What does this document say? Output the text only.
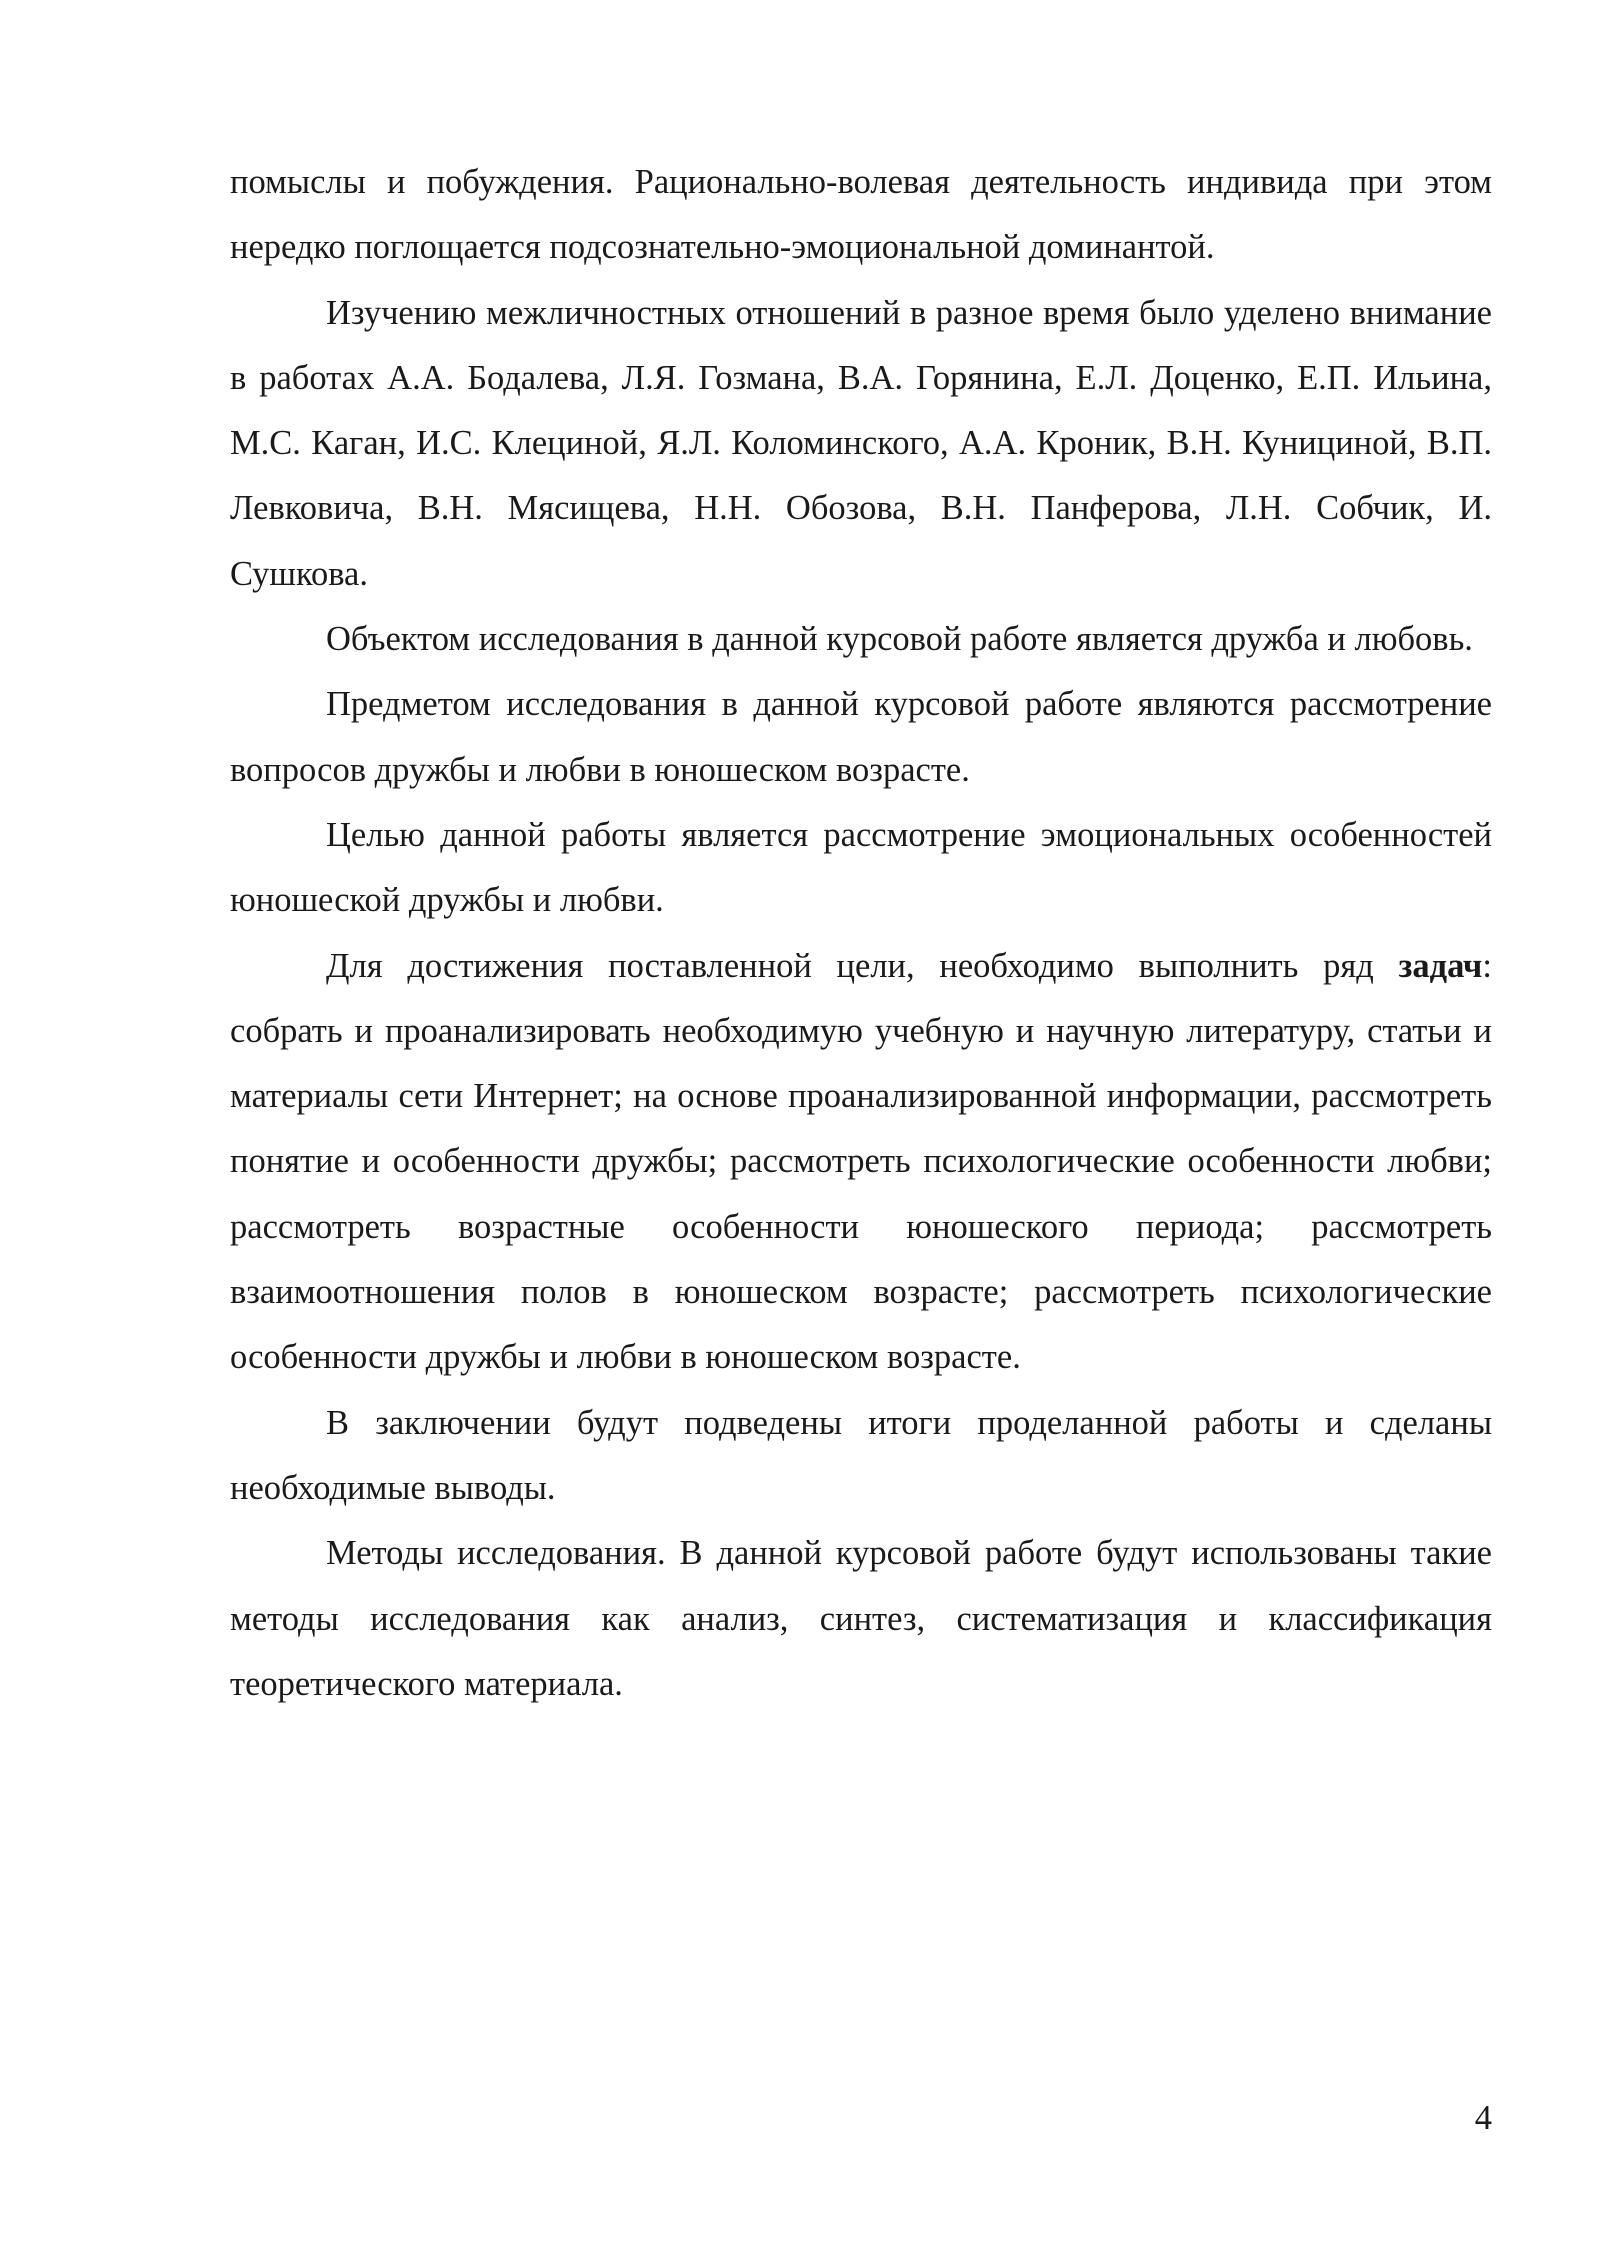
помыслы и побуждения. Рационально-волевая деятельность индивида при этом нередко поглощается подсознательно-эмоциональной доминантой.

Изучению межличностных отношений в разное время было уделено внимание в работах А.А. Бодалева, Л.Я. Гозмана, В.А. Горянина, Е.Л. Доценко, Е.П. Ильина, М.С. Каган, И.С. Клециной, Я.Л. Коломинского, А.А. Кроник, В.Н. Куницинοй, В.П. Левковича, В.Н. Мясищева, Н.Н. Обозова, В.Н. Панферова, Л.Н. Собчик, И. Сушкова.

Объектом исследования в данной курсовой работе является дружба и любовь.

Предметом исследования в данной курсовой работе являются рассмотрение вопросов дружбы и любви в юношеском возрасте.

Целью данной работы является рассмотрение эмоциональных особенностей юношеской дружбы и любви.

Для достижения поставленной цели, необходимо выполнить ряд задач: собрать и проанализировать необходимую учебную и научную литературу, статьи и материалы сети Интернет; на основе проанализированной информации, рассмотреть понятие и особенности дружбы; рассмотреть психологические особенности любви; рассмотреть возрастные особенности юношеского периода; рассмотреть взаимоотношения полов в юношеском возрасте; рассмотреть психологические особенности дружбы и любви в юношеском возрасте.

В заключении будут подведены итоги проделанной работы и сделаны необходимые выводы.

Методы исследования. В данной курсовой работе будут использованы такие методы исследования как анализ, синтез, систематизация и классификация теоретического материала.

4
